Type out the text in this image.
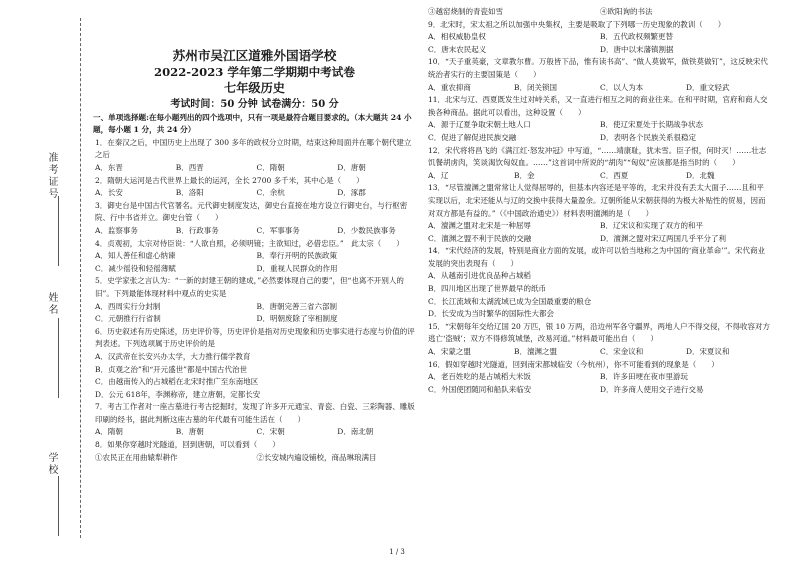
准考证号
姓名
学校
苏州市吴江区道雅外国语学校
2022-2023 学年第二学期期中考试卷
七年级历史
考试时间：50 分钟 试卷满分：50 分
一、单项选择题:在每小题列出的四个选项中，只有一项是最符合题目要求的。（本大题共 24 小题，每小题 1 分，共 24 分）
1．在秦汉之后，中国历史上出现了 300 多年的政权分立时期，结束这种局面并在哪个朝代建立之后
A．东晋	B．西晋	C．隋朝	D．唐朝
2．隋朝大运河是古代世界上最长的运河，全长 2700 多千米，其中心是（　　）
A．长安	B．洛阳	C．余杭	D．涿郡
3．御史台是中国古代官署名。元代御史制度发达，御史台直接在地方设立行御史台，与行枢密院、行中书省并立。御史台管（　　）
A．监察事务	B．行政事务	C．军事事务	D．少数民族事务
4．贞观初，太宗对侍臣说：“人欲自照，必须明镜；主欲知过，必借忠臣。”　此太宗（　　）
A．知人善任和虚心纳谏	B．奉行开明的民族政策
C．减少徭役和轻徭薄赋	D．重视人民群众的作用
5．史学家张之言认为：“一新的封建王朝的建成，”必然要体现自己的要”，但“也离不开别人的旧”。下列最能体现材料中观点的史实是
A．西周实行分封制	B．唐朝完善三省六部制
C．元朝推行行省制	D．明朝废除了宰相制度
6．历史叙述有历史陈述，历史评价等，历史评价是指对历史现象和历史事实进行态度与价值的评判表述。下列选项属于历史评价的是
A．汉武帝在长安兴办太学，大力推行儒学教育
B．贞观之治”和“开元盛世”都是中国古代治世
C．由越南传入的占城稻在北宋时推广至东南地区
D．公元 618年，李渊称帝，建立唐朝，定都长安
7．考古工作者对一座古墓进行考古挖掘时，发现了许多开元通宝、青瓷、白瓷、三彩陶器、雕版印刷的经书，据此判断这座古墓的年代最有可能生活在（　　）
A．隋朝	B．唐朝	C．宋朝	D．南北朝
8．如果你穿越时光隧道，回到唐朝，可以看到（　　）
①农民正在用曲辕犁耕作	②长安城内遍设铺校，商品琳琅满目
③越窑烧制的青瓷如雪	④欧阳询的书法
9．北宋时，宋太祖之所以加强中央集权，主要是吸取了下列哪一历史现象的教训（　　）
A．相权威胁皇权	B．五代政权频繁更替
C．唐末农民起义	D．唐中以末藩镇割据
10．“天子重英豪，文章教尔曹。万般皆下品，惟有读书高”、“做人莫做军，做铁莫做钉”，这反映宋代统治者实行的主要国策是（　　）
A．重农抑商	B．闭关锁国	C．以人为本	D．重文轻武
11．北宋与辽、西夏既发生过对峙关系，又一直进行相互之间的商业往来。在和平时期，官府和商人交换各种商品。据此可以看出，这种设置（　　）
A．源于辽夏争取宋朝土地人口	B．使辽宋夏处于长期战争状态
C．促进了解促进民族交融	D．表明各个民族关系很稳定
12．宋代将将昌飞的《满江红·怒发冲冠》中写道，“……靖康耻，犹未雪。臣子恨，何时灭！……壮志饥餐胡虏肉，笑谈渴饮匈奴血。……”这首词中所说的“胡肉”“匈奴”应该都是指当时的（　　）
A．辽	B．金	C．西夏	D．北魏
13．“尽管澶渊之盟常常让人觉得屈辱的，但基本内容还是平等的，北宋并没有丢太大面子……且和平实现以后，北宋还能从与辽的交换中获得大量盈余。辽朝所能从宋朝获得的为极大补贴性的贸易，因而对双方都是有益的。”（《中国政治通史》）材料表明澶渊的是（　　）
A．澶渊之盟对北宋是一种屈辱	B．辽宋议和实现了双方的和平
C．澶渊之盟不利于民族的交融	D．澶渊之盟对宋辽两国几乎平分了利
14．“宋代经济的发展，特别是商业方面的发展，或许可以恰当地称之为中国的‘商业革命’”。宋代商业发展的突出表现有（　　）
A．从越南引进优良品种占城稻
B．四川地区出现了世界最早的纸币
C．长江流域和太湖流域已成为全国最重要的粮仓
D．长安成为当时繁华的国际性大都会
15．“宋朝每年交给辽国 20 万匹，银 10 万两，沿边州军各守疆界，两地人户不得交侵，不得收容对方逃亡‘盗贼’；双方不得修筑城堡，改易河道。”材料最可能出自（　　）
A．宋蒙之盟	B．澶渊之盟	C．宋金议和	D．宋夏议和
16．假如穿越时光隧道，回到南宋都城临安（今杭州），你不可能看到的现象是（　　）
A．老百姓吃的是占城稻大米饭	B．许多田埂在夜市里游玩
C．外国使团随同和船队来临安	D．许多商人使用交子进行交易
1 / 3
